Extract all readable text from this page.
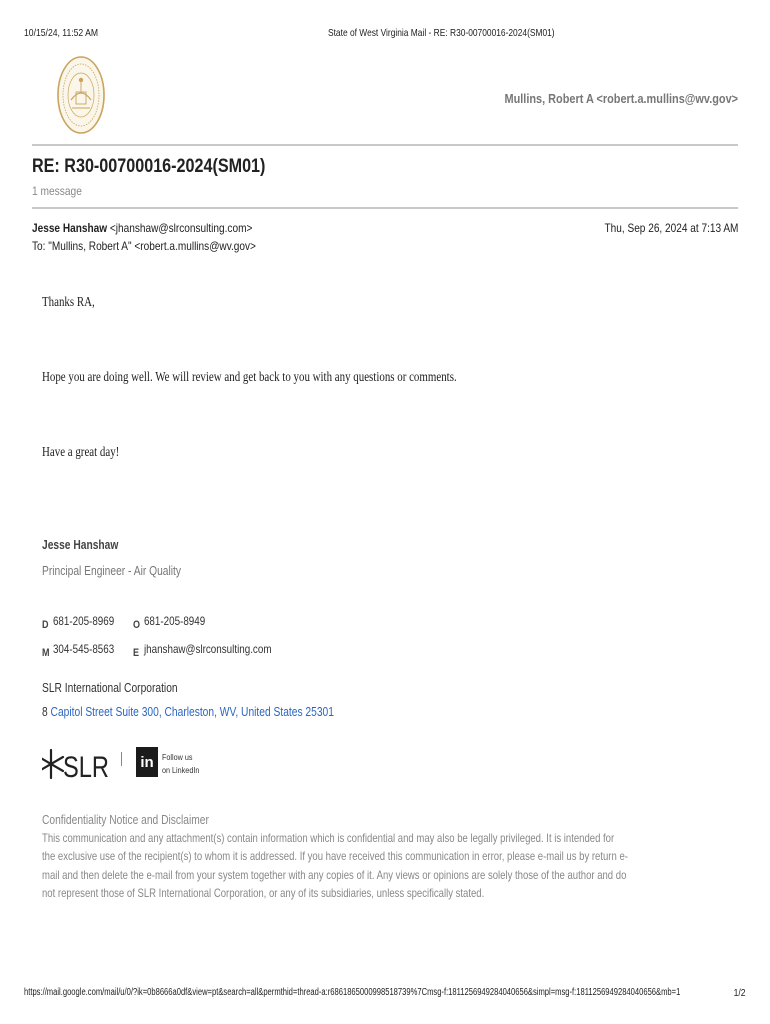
10/15/24, 11:52 AM	State of West Virginia Mail - RE: R30-00700016-2024(SM01)
Mullins, Robert A <robert.a.mullins@wv.gov>
RE: R30-00700016-2024(SM01)
1 message
Jesse Hanshaw <jhanshaw@slrconsulting.com>
To: "Mullins, Robert A" <robert.a.mullins@wv.gov>
Thu, Sep 26, 2024 at 7:13 AM
Thanks RA,
Hope you are doing well. We will review and get back to you with any questions or comments.
Have a great day!
Jesse Hanshaw
Principal Engineer - Air Quality
D 681-205-8969	O 681-205-8949
M 304-545-8563	E jhanshaw@slrconsulting.com
SLR International Corporation
8 Capitol Street Suite 300, Charleston, WV, United States 25301
SLR in Follow us
on LinkedIn
Confidentiality Notice and Disclaimer
This communication and any attachment(s) contain information which is confidential and may also be legally privileged. It is intended for
the exclusive use of the recipient(s) to whom it is addressed. If you have received this communication in error, please e-mail us by return e-
mail and then delete the e-mail from your system together with any copies of it. Any views or opinions are solely those of the author and do
not represent those of SLR International Corporation, or any of its subsidiaries, unless specifically stated.
https://mail.google.com/mail/u/0/?ik=0b8666a0df&view=pt&search=all&permthid=thread-a:r6861865000998518739%7Cmsg-f:1811256949284040656&simpl=msg-f:1811256949284040656&mb=1	1/2
